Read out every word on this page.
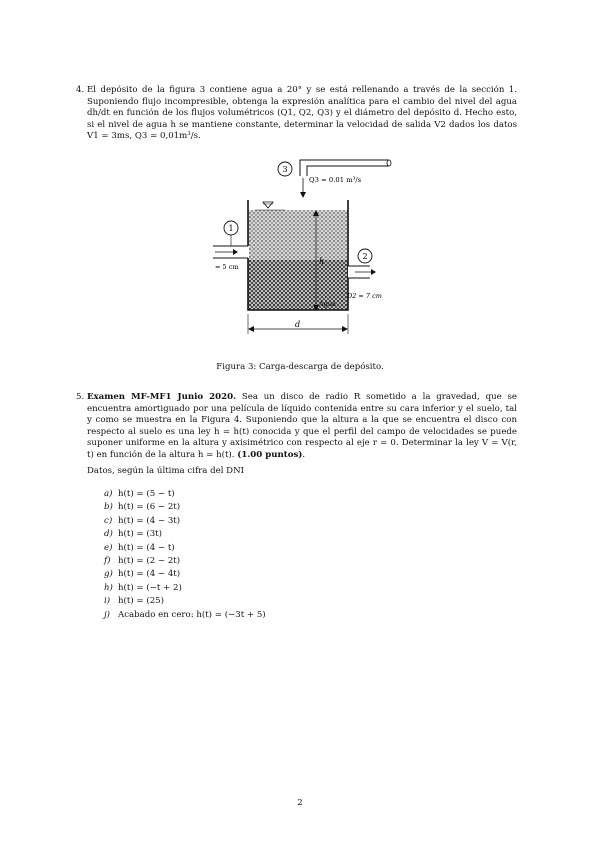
4. El depósito de la figura 3 contiene agua a 20° y se está rellenando a través de la sección 1. Suponiendo flujo incompresible, obtenga la expresión analítica para el cambio del nivel del agua dh/dt en función de los flujos volumétricos (Q1, Q2, Q3) y el diámetro del depósito d. Hecho esto, si el nivel de agua h se mantiene constante, determinar la velocidad de salida V2 dados los datos V1 = 3ms, Q3 = 0,01m³/s.
1
= 5 cm
2
D2 = 7 cm
3
Q3 = 0.01 m³/s
h
Agua
d
Figura 3: Carga-descarga de depósito.
5. Examen MF-MF1 Junio 2020. Sea un disco de radio R sometido a la gravedad, que se encuentra amortiguado por una película de líquido contenida entre su cara inferior y el suelo, tal y como se muestra en la Figura 4. Suponiendo que la altura a la que se encuentra el disco con respecto al suelo es una ley h = h(t) conocida y que el perfil del campo de velocidades se puede suponer uniforme en la altura y axisimétrico con respecto al eje r = 0. Determinar la ley V = V(r, t) en función de la altura h = h(t). (1.00 puntos).
Datos, según la última cifra del DNI
a) h(t) = (5 − t)
b) h(t) = (6 − 2t)
c) h(t) = (4 − 3t)
d) h(t) = (3t)
e) h(t) = (4 − t)
f) h(t) = (2 − 2t)
g) h(t) = (4 − 4t)
h) h(t) = (−t + 2)
i) h(t) = (25)
j) Acabado en cero: h(t) = (−3t + 5)
2
